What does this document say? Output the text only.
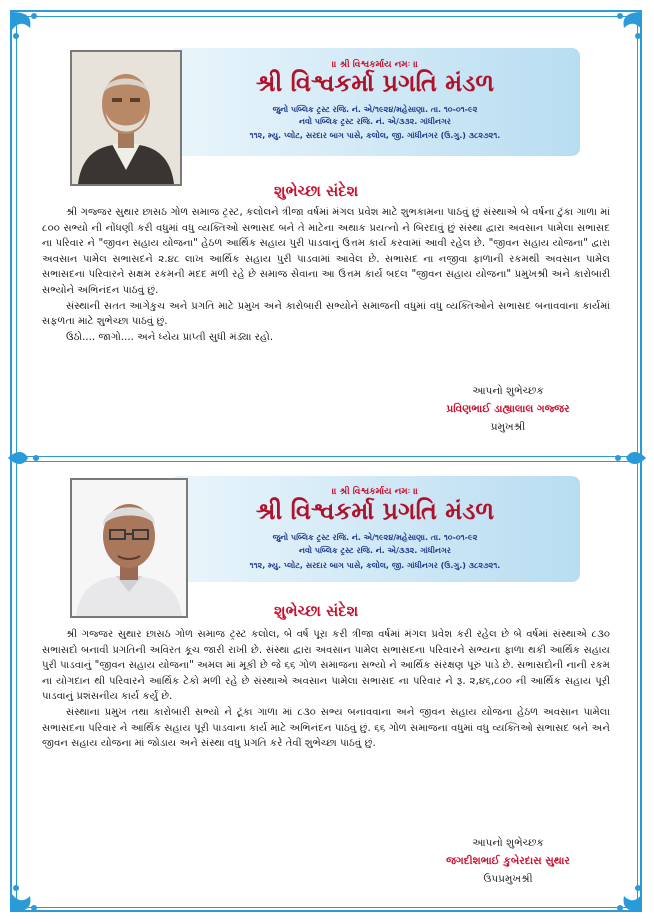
॥ શ્રી વિશ્વકર્માય નમઃ ॥
શ્રી વિશ્વકર્મા પ્રગતિ મંડળ
જુનો પબ્લિક ટ્રસ્ટ રજિ. નં. એ/૧૯૨૪/મહેસાણા. તા. ૧૦-૦૧-૯૨
નવો પબ્લિક ટ્રસ્ટ રજિ. નં. એ/૩૩૨. ગાંધીનગર
૧૧૨, મ્યુ. પ્લોટ, સરદાર બાગ પાસે, કલોલ, જી. ગાંધીનગર (ઉ.ગુ.) ૩૮૨૭૨૧.
શુભેચ્છા સંદેશ

શ્રી ગજ્જર સુથાર છાસઠ ગોળ સમાજ ટ્રસ્ટ, કલોલને ત્રીજા વર્ષમાં મંગલ પ્રવેશ માટે શુભકામના પાઠવું છું સંસ્થાએ બે વર્ષના ટુંકા ગાળા માં ૮૦૦ સભ્યો ની નોંધણી કરી વધુમાં વધુ વ્યક્તિઓ સભાસદ બને તે માટેના અથાક પ્રયત્નો ને બિરદાવું છું સંસ્થા દ્વારા અવસાન પામેલા સભાસદ ના પરિવાર ને "જીવન સહાય યોજના" હેઠળ આર્થિક સહાય પુરી પાડવાનું ઉત્તમ કાર્ય કરવામાં આવી રહેલ છે. "જીવન સહાય યોજના" દ્વારા અવસાન પામેલ સભાસદને ૨.૪૮ લાખ આર્થિક સહાય પુરી પાડવામાં આવેલ છે. સભાસદ ના નજીવા ફાળાની રકમથી અવસાન પામેલ સભાસદના પરિવારને સક્ષમ રકમની મદદ મળી રહે છે સમાજ સેવાના આ ઉત્તમ કાર્ય બદલ "જીવન સહાય યોજના" પ્રમુખશ્રી અને કારોબારી સભ્યોને અભિનંદન પાઠવું છું.

સંસ્થાની સતત આગેકુચ અને પ્રગતિ માટે પ્રમુખ અને કારોબારી સભ્યોને સમાજની વધુમાં વધુ વ્યક્તિઓને સભાસદ બનાવવાના કાર્યમાં સફળતા માટે શુભેચ્છા પાઠવું છું.

ઉઠો.... જાગો.... અને ધ્યેય પ્રાપ્તી સુધી મંડ્યા રહો.

આપનો શુભેચ્છક
પ્રવિણભાઈ ડાહ્યાલાલ ગજ્જર
પ્રમુખશ્રી
॥ શ્રી વિશ્વકર્માય નમઃ ॥
શ્રી વિશ્વકર્મા પ્રગતિ મંડળ
જુનો પબ્લિક ટ્રસ્ટ રજિ. નં. એ/૧૯૨૪/મહેસાણા. તા. ૧૦-૦૧-૯૨
નવો પબ્લિક ટ્રસ્ટ રજિ. નં. એ/૩૩૨. ગાંધીનગર
૧૧૨, મ્યુ. પ્લોટ, સરદાર બાગ પાસે, કલોલ, જી. ગાંધીનગર (ઉ.ગુ.) ૩૮૨૭૨૧.
શુભેચ્છા સંદેશ

શ્રી ગજ્જર સુથાર છાસઠ ગોળ સમાજ ટ્રસ્ટ કલોલ, બે વર્ષ પૂરા કરી ત્રીજા વર્ષમાં મંગલ પ્રવેશ કરી રહેલ છે બે વર્ષમાં સંસ્થાએ ૮૩૦ સભાસદો બનાવી પ્રગતિની અવિરત કૂચ જારી રાખી છે. સંસ્થા દ્વારા અવસાન પામેલ સભાસદના પરિવારને સભ્યના ફાળા થકી આર્થિક સહાય પુરી પાડવાનું "જીવન સહાય યોજના" અમલ માં મૂકી છે જે ૬૬ ગોળ સમાજના સભ્યો ને આર્થિક સંરક્ષણ પૂરું પાડે છે. સભાસદોની નાની રકમ ના યોગદાન થી પરિવારને આર્થિક ટેકો મળી રહે છે સંસ્થાએ અવસાન પામેલા સભાસદ ના પરિવાર ને રૂ. ૨,૪૬,૮૦૦ ની આર્થિક સહાય પૂરી પાડવાનું પ્રશંસનીય કાર્ય કર્યું છે.

સંસ્થાના પ્રમુખ તથા કારોબારી સભ્યો ને ટૂંકા ગાળા માં ૮૩૦ સભ્ય બનાવવાના અને જીવન સહાય યોજના હેઠળ અવસાન પામેલા સભાસદના પરિવાર ને આર્થિક સહાય પૂરી પાડવાના કાર્ય માટે અભિનંદન પાઠવું છું. ૬૬ ગોળ સમાજના વધુમાં વધુ વ્યક્તિઓ સભાસદ બને અને જીવન સહાય યોજના માં જોડાય અને સંસ્થા વધુ પ્રગતિ કરે તેવી શુભેચ્છા પાઠવું છું.

આપનો શુભેચ્છક
જગદીશભાઈ કુબેરદાસ સુથાર
ઉપપ્રમુખશ્રી
